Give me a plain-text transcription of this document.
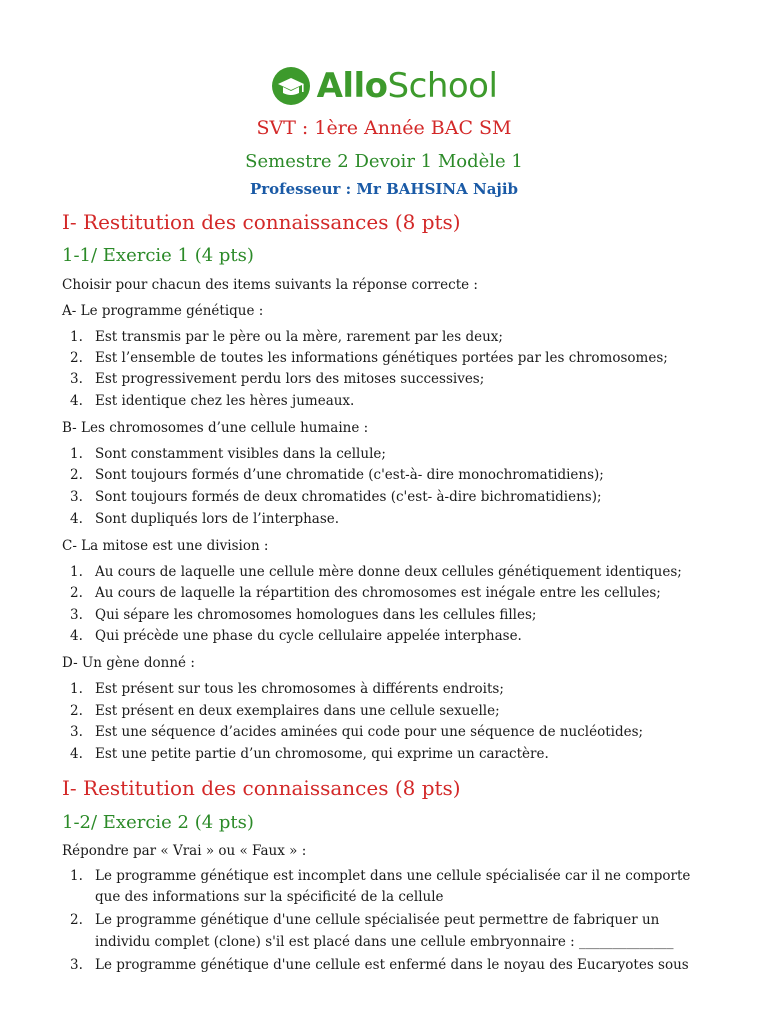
AlloSchool
SVT : 1ère Année BAC SM
Semestre 2 Devoir 1 Modèle 1
Professeur : Mr BAHSINA Najib
I- Restitution des connaissances (8 pts)
1-1/ Exercie 1 (4 pts)
Choisir pour chacun des items suivants la réponse correcte :
A- Le programme génétique :
1. Est transmis par le père ou la mère, rarement par les deux;
2. Est l’ensemble de toutes les informations génétiques portées par les chromosomes;
3. Est progressivement perdu lors des mitoses successives;
4. Est identique chez les hères jumeaux.
B- Les chromosomes d’une cellule humaine :
1. Sont constamment visibles dans la cellule;
2. Sont toujours formés d’une chromatide (c'est-à- dire monochromatidiens);
3. Sont toujours formés de deux chromatides (c'est- à-dire bichromatidiens);
4. Sont dupliqués lors de l’interphase.
C- La mitose est une division :
1. Au cours de laquelle une cellule mère donne deux cellules génétiquement identiques;
2. Au cours de laquelle la répartition des chromosomes est inégale entre les cellules;
3. Qui sépare les chromosomes homologues dans les cellules filles;
4. Qui précède une phase du cycle cellulaire appelée interphase.
D- Un gène donné :
1. Est présent sur tous les chromosomes à différents endroits;
2. Est présent en deux exemplaires dans une cellule sexuelle;
3. Est une séquence d’acides aminées qui code pour une séquence de nucléotides;
4. Est une petite partie d’un chromosome, qui exprime un caractère.
I- Restitution des connaissances (8 pts)
1-2/ Exercie 2 (4 pts)
Répondre par « Vrai » ou « Faux » :
1. Le programme génétique est incomplet dans une cellule spécialisée car il ne comporte
que des informations sur la spécificité de la cellule
2. Le programme génétique d'une cellule spécialisée peut permettre de fabriquer un
individu complet (clone) s'il est placé dans une cellule embryonnaire : ______________
3. Le programme génétique d'une cellule est enfermé dans le noyau des Eucaryotes sous
